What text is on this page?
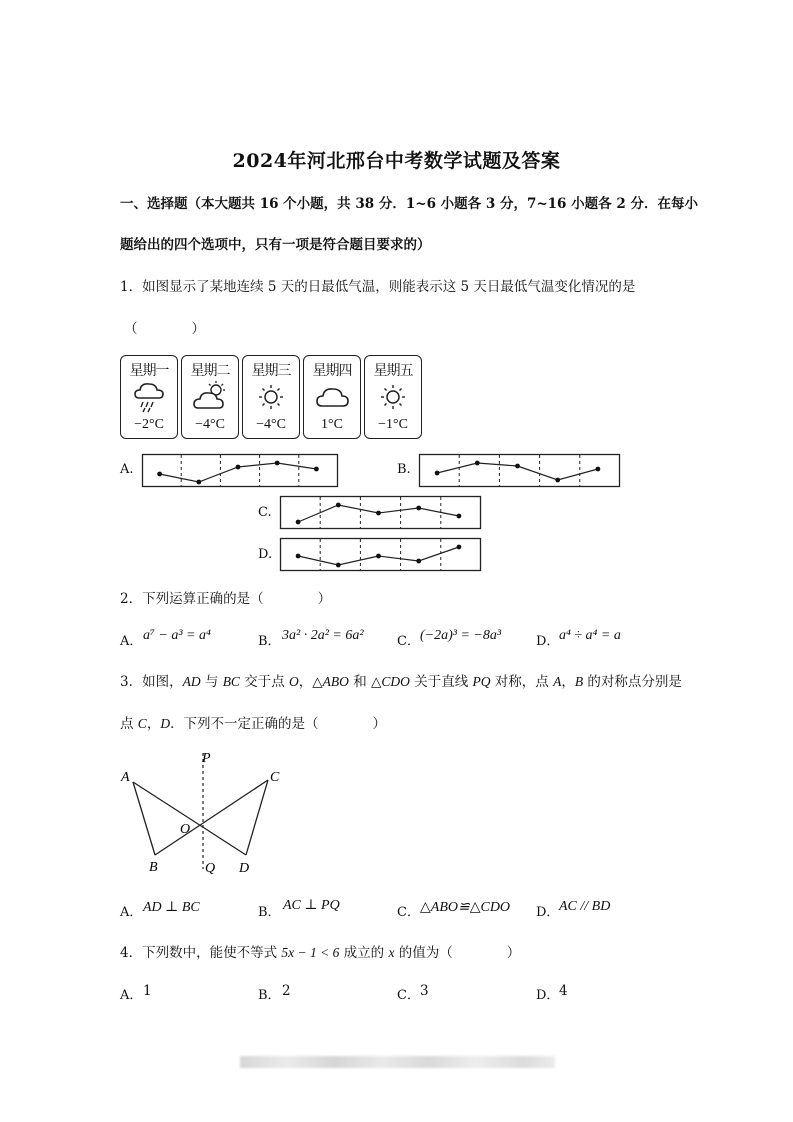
2024年河北邢台中考数学试题及答案
一、选择题（本大题共 16 个小题，共 38 分．1~6 小题各 3 分，7~16 小题各 2 分．在每小
题给出的四个选项中，只有一项是符合题目要求的）
1．如图显示了某地连续 5 天的日最低气温，则能表示这 5 天日最低气温变化情况的是
（　　　　）
星期一
−2°C
星期二
−4°C
星期三
−4°C
星期四
1°C
星期五
−1°C
A.	B.
C.
D.
2．下列运算正确的是（　　　　）
A． a⁷ − a³ = a⁴	B． 3a² · 2a² = 6a²	C． (−2a)³ = −8a³	D． a⁴ ÷ a⁴ = a
3．如图，AD 与 BC 交于点 O，△ABO 和 △CDO 关于直线 PQ 对称，点 A，B 的对称点分别是
点 C，D．下列不一定正确的是（　　　　）
A
B
C
D
O
P
Q
A． AD ⊥ BC	B． AC ⊥ PQ	C． △ABO≌△CDO D． AC // BD
4．下列数中，能使不等式 5x − 1 < 6 成立的 x 的值为（　　　　）
A． 1	B． 2	C． 3	D． 4
